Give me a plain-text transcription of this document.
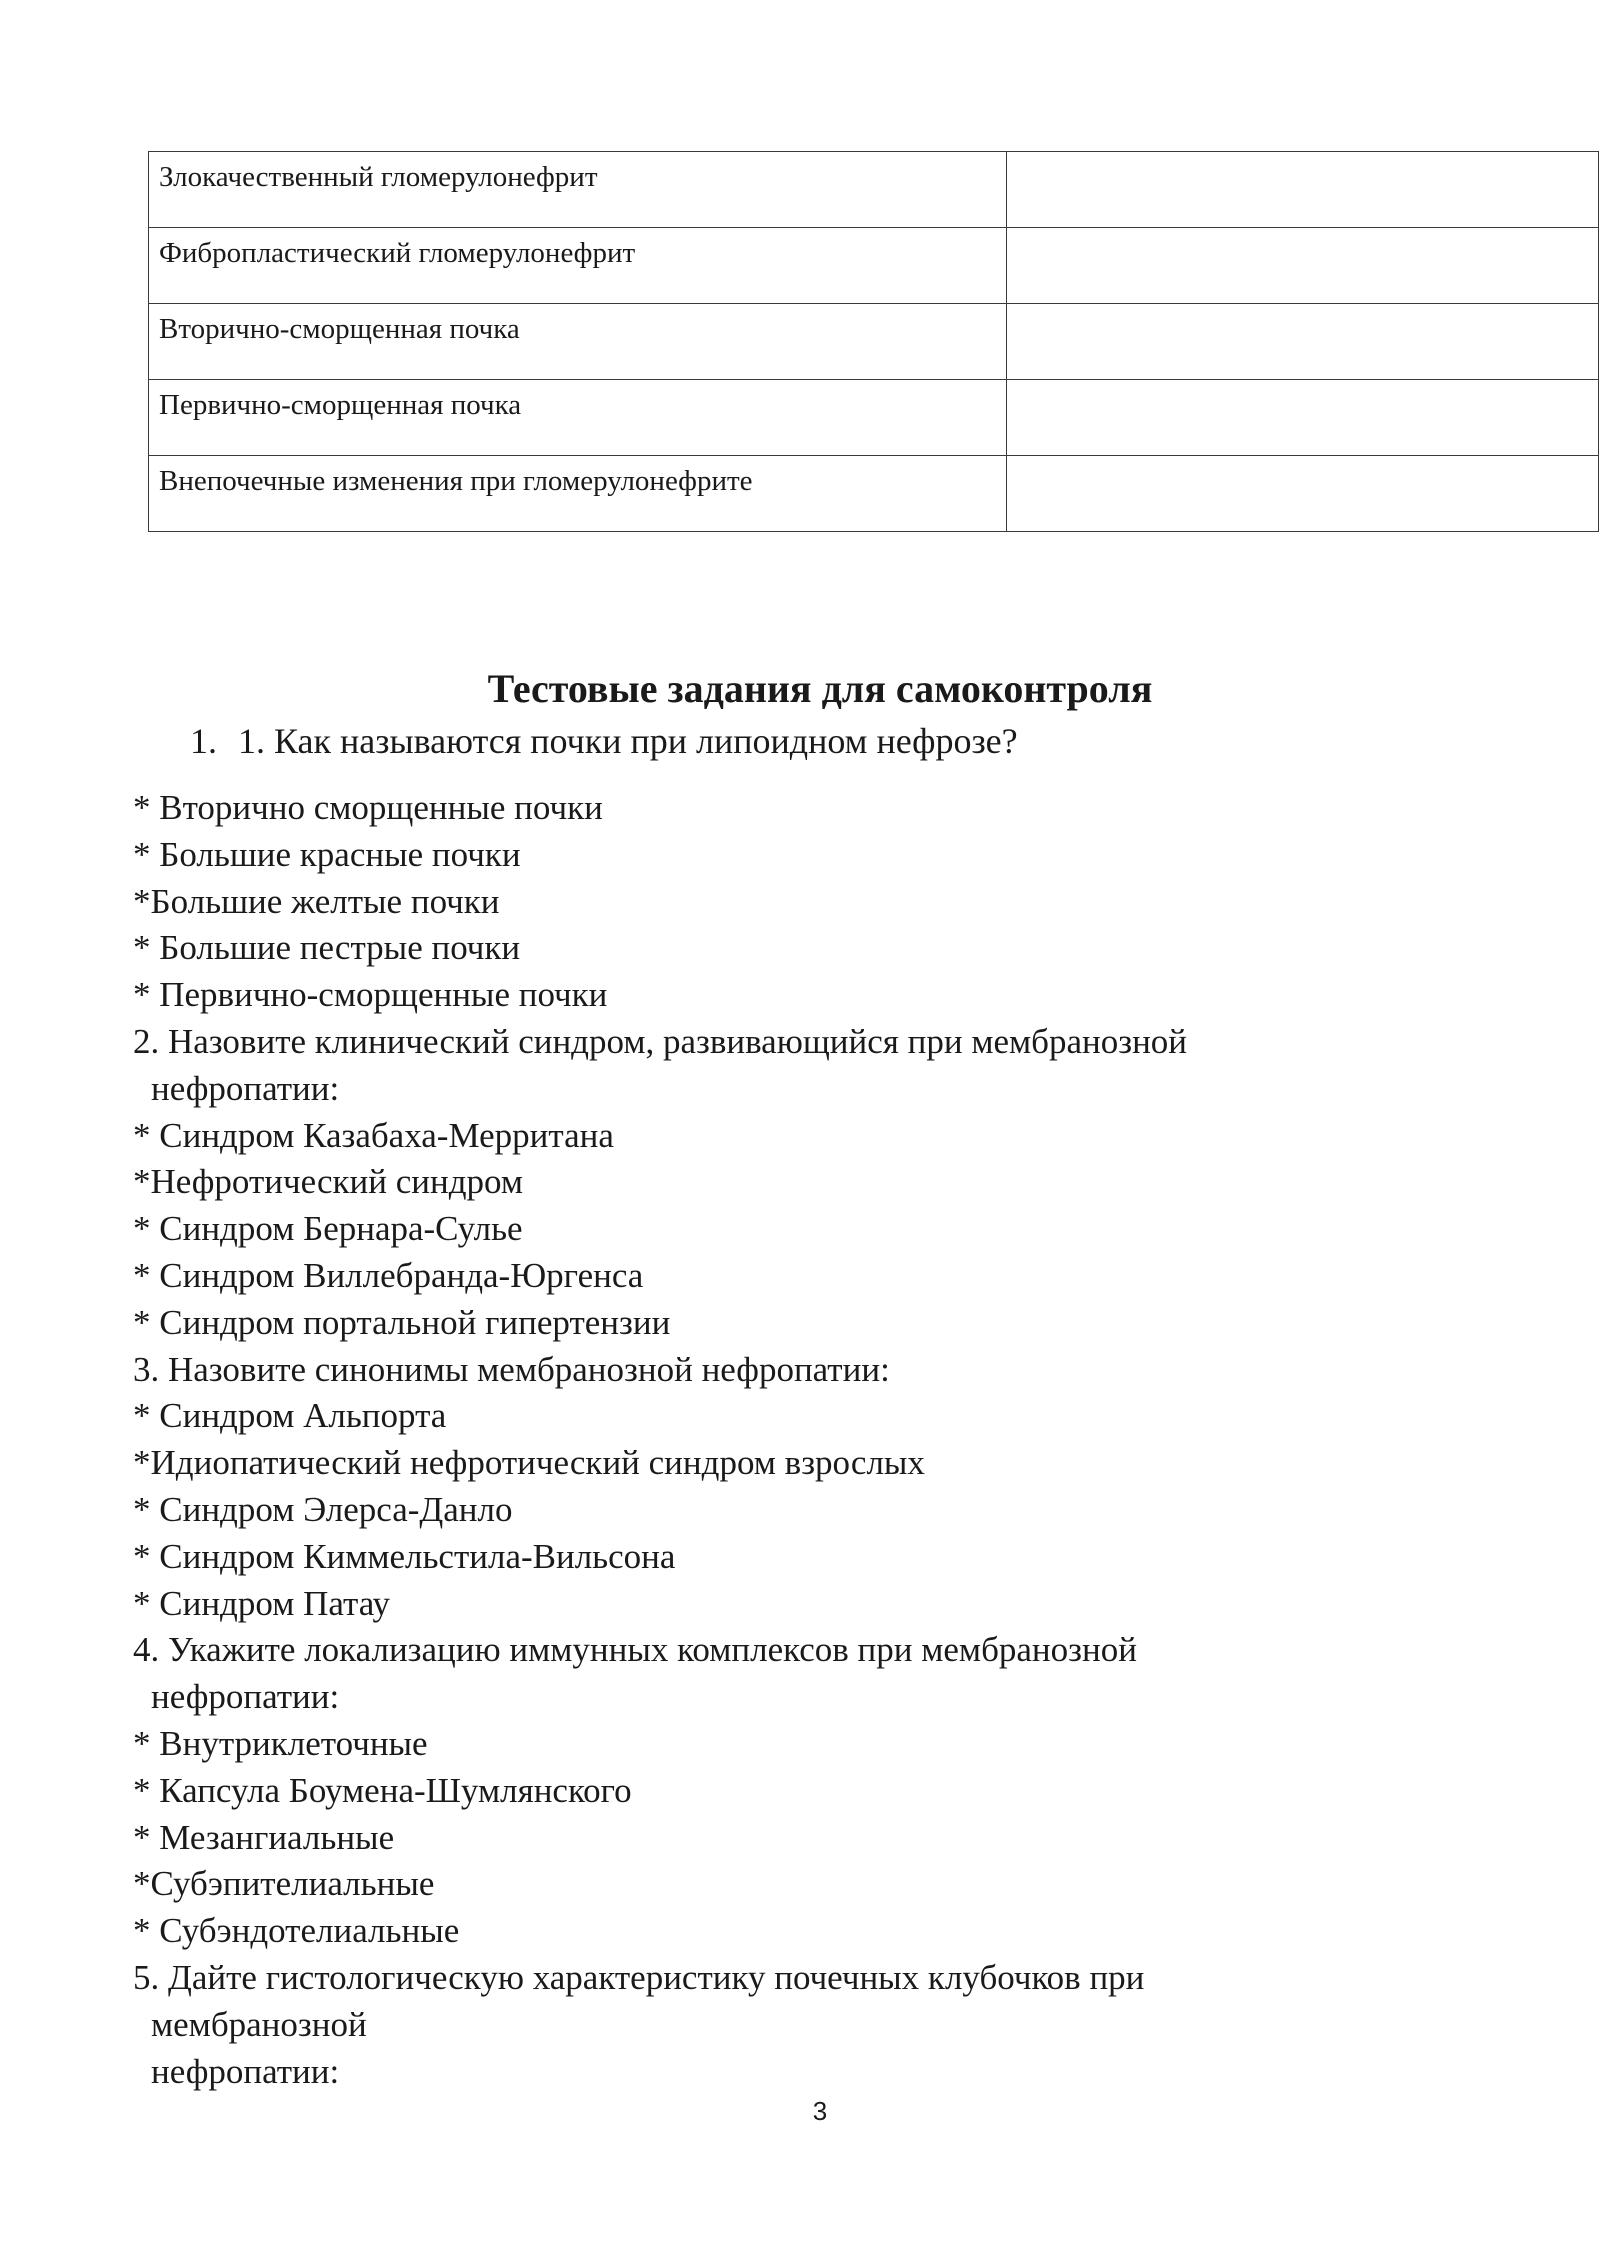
Злокачественный гломерулонефрит	
Фибропластический гломерулонефрит	
Вторично-сморщенная почка	
Первично-сморщенная почка	
Внепочечные изменения при гломерулонефрите	
Тестовые задания для самоконтроля
1. 1. Как называются почки при липоидном нефрозе?
* Вторично сморщенные почки
* Большие красные почки
*Большие желтые почки
* Большие пестрые почки
* Первично-сморщенные почки
2. Назовите клинический синдром, развивающийся при мембранозной
нефропатии:
* Синдром Казабаха-Мерритана
*Нефротический синдром
* Синдром Бернара-Сулье
* Синдром Виллебранда-Юргенса
* Синдром портальной гипертензии
3. Назовите синонимы мембранозной нефропатии:
* Синдром Альпорта
*Идиопатический нефротический синдром взрослых
* Синдром Элерса-Данло
* Синдром Киммельстила-Вильсона
* Синдром Патау
4. Укажите локализацию иммунных комплексов при мембранозной
нефропатии:
* Внутриклеточные
* Капсула Боумена-Шумлянского
* Мезангиальные
*Субэпителиальные
* Субэндотелиальные
5. Дайте гистологическую характеристику почечных клубочков при
мембранозной
нефропатии:
3
